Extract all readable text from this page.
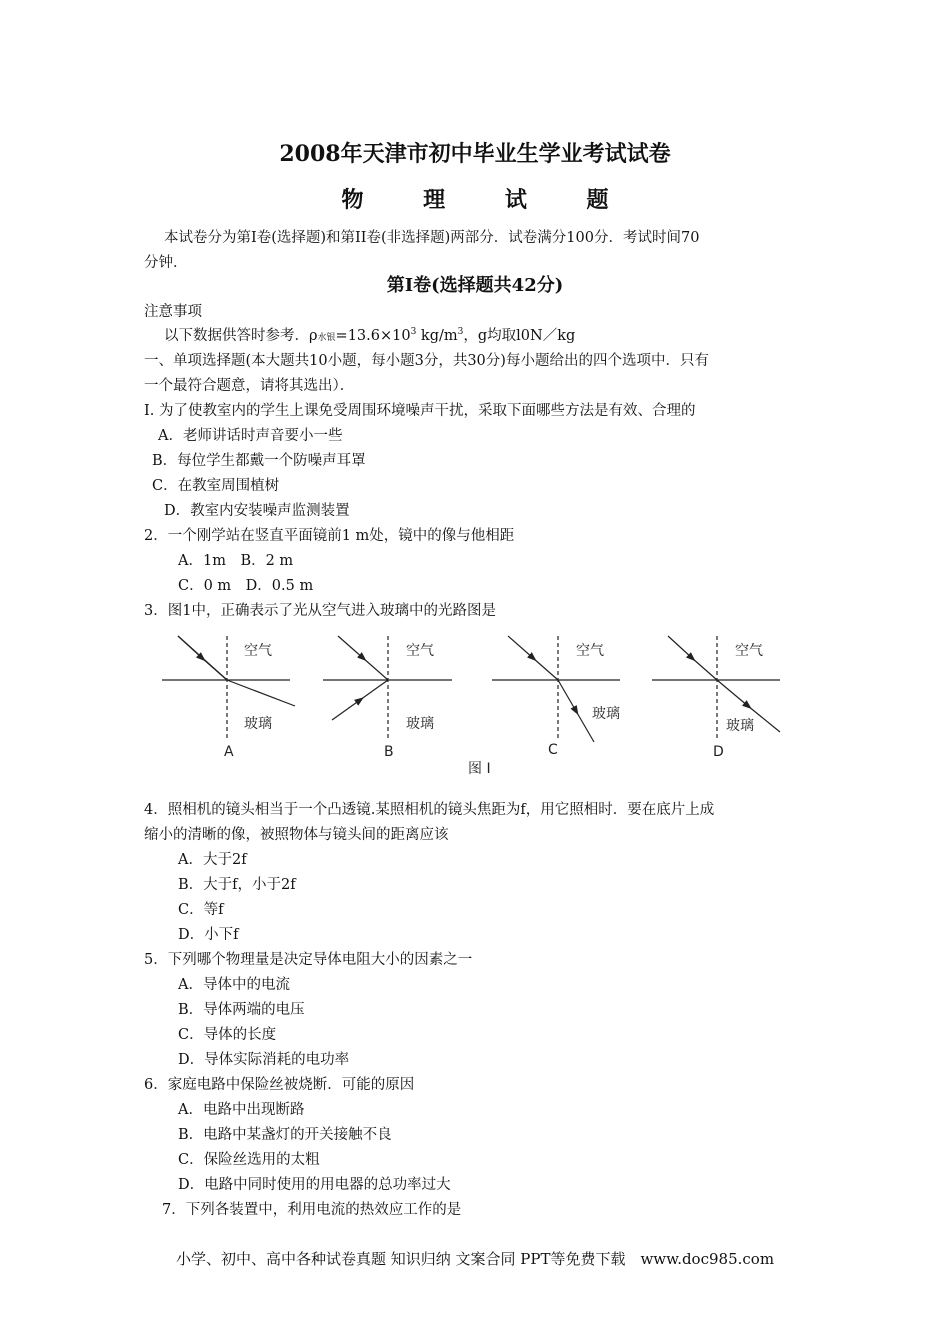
2008年天津市初中毕业生学业考试试卷
物 理 试 题
本试卷分为第Ⅰ卷(选择题)和第II卷(非选择题)两部分．试卷满分100分．考试时间70
分钟．
第Ⅰ卷(选择题共42分)
注意事项
以下数据供答时参考．ρ水银$=13.6\times 10^3$ $kg/m^3$，g均取l0N／kg
一、单项选择题(本大题共10小题，每小题3分，共30分)每小题给出的四个选项中．只有
一个最符合题意，请将其选出）．
I. 为了使教室内的学生上课免受周围环境噪声干扰，采取下面哪些方法是有效、合理的
A．老师讲话时声音要小一些
B．每位学生都戴一个防噪声耳罩
C．在教室周围植树
D．教室内安装噪声监测装置
2．一个刚学站在竖直平面镜前1 m处，镜中的像与他相距
A．1m　B．2 m
C．0 m　D．0.5 m
3．图1中，正确表示了光从空气进入玻璃中的光路图是
空气
玻璃
A
空气
玻璃
B
空气
玻璃
C
空气
玻璃
D
图 I
4．照相机的镜头相当于一个凸透镜.某照相机的镜头焦距为f，用它照相时．要在底片上成
缩小的清晰的像，被照物体与镜头间的距离应该
A．大于2f
B．大于f，小于2f
C．等f
D．小下f
5．下列哪个物理量是决定导体电阻大小的因素之一
A．导体中的电流
B．导体两端的电压
C．导体的长度
D．导体实际消耗的电功率
6．家庭电路中保险丝被烧断．可能的原因
A．电路中出现断路
B．电路中某盏灯的开关接触不良
C．保险丝选用的太粗
D．电路中同时使用的用电器的总功率过大
7．下列各装置中，利用电流的热效应工作的是
小学、初中、高中各种试卷真题 知识归纳 文案合同 PPT等免费下载　www.doc985.com
